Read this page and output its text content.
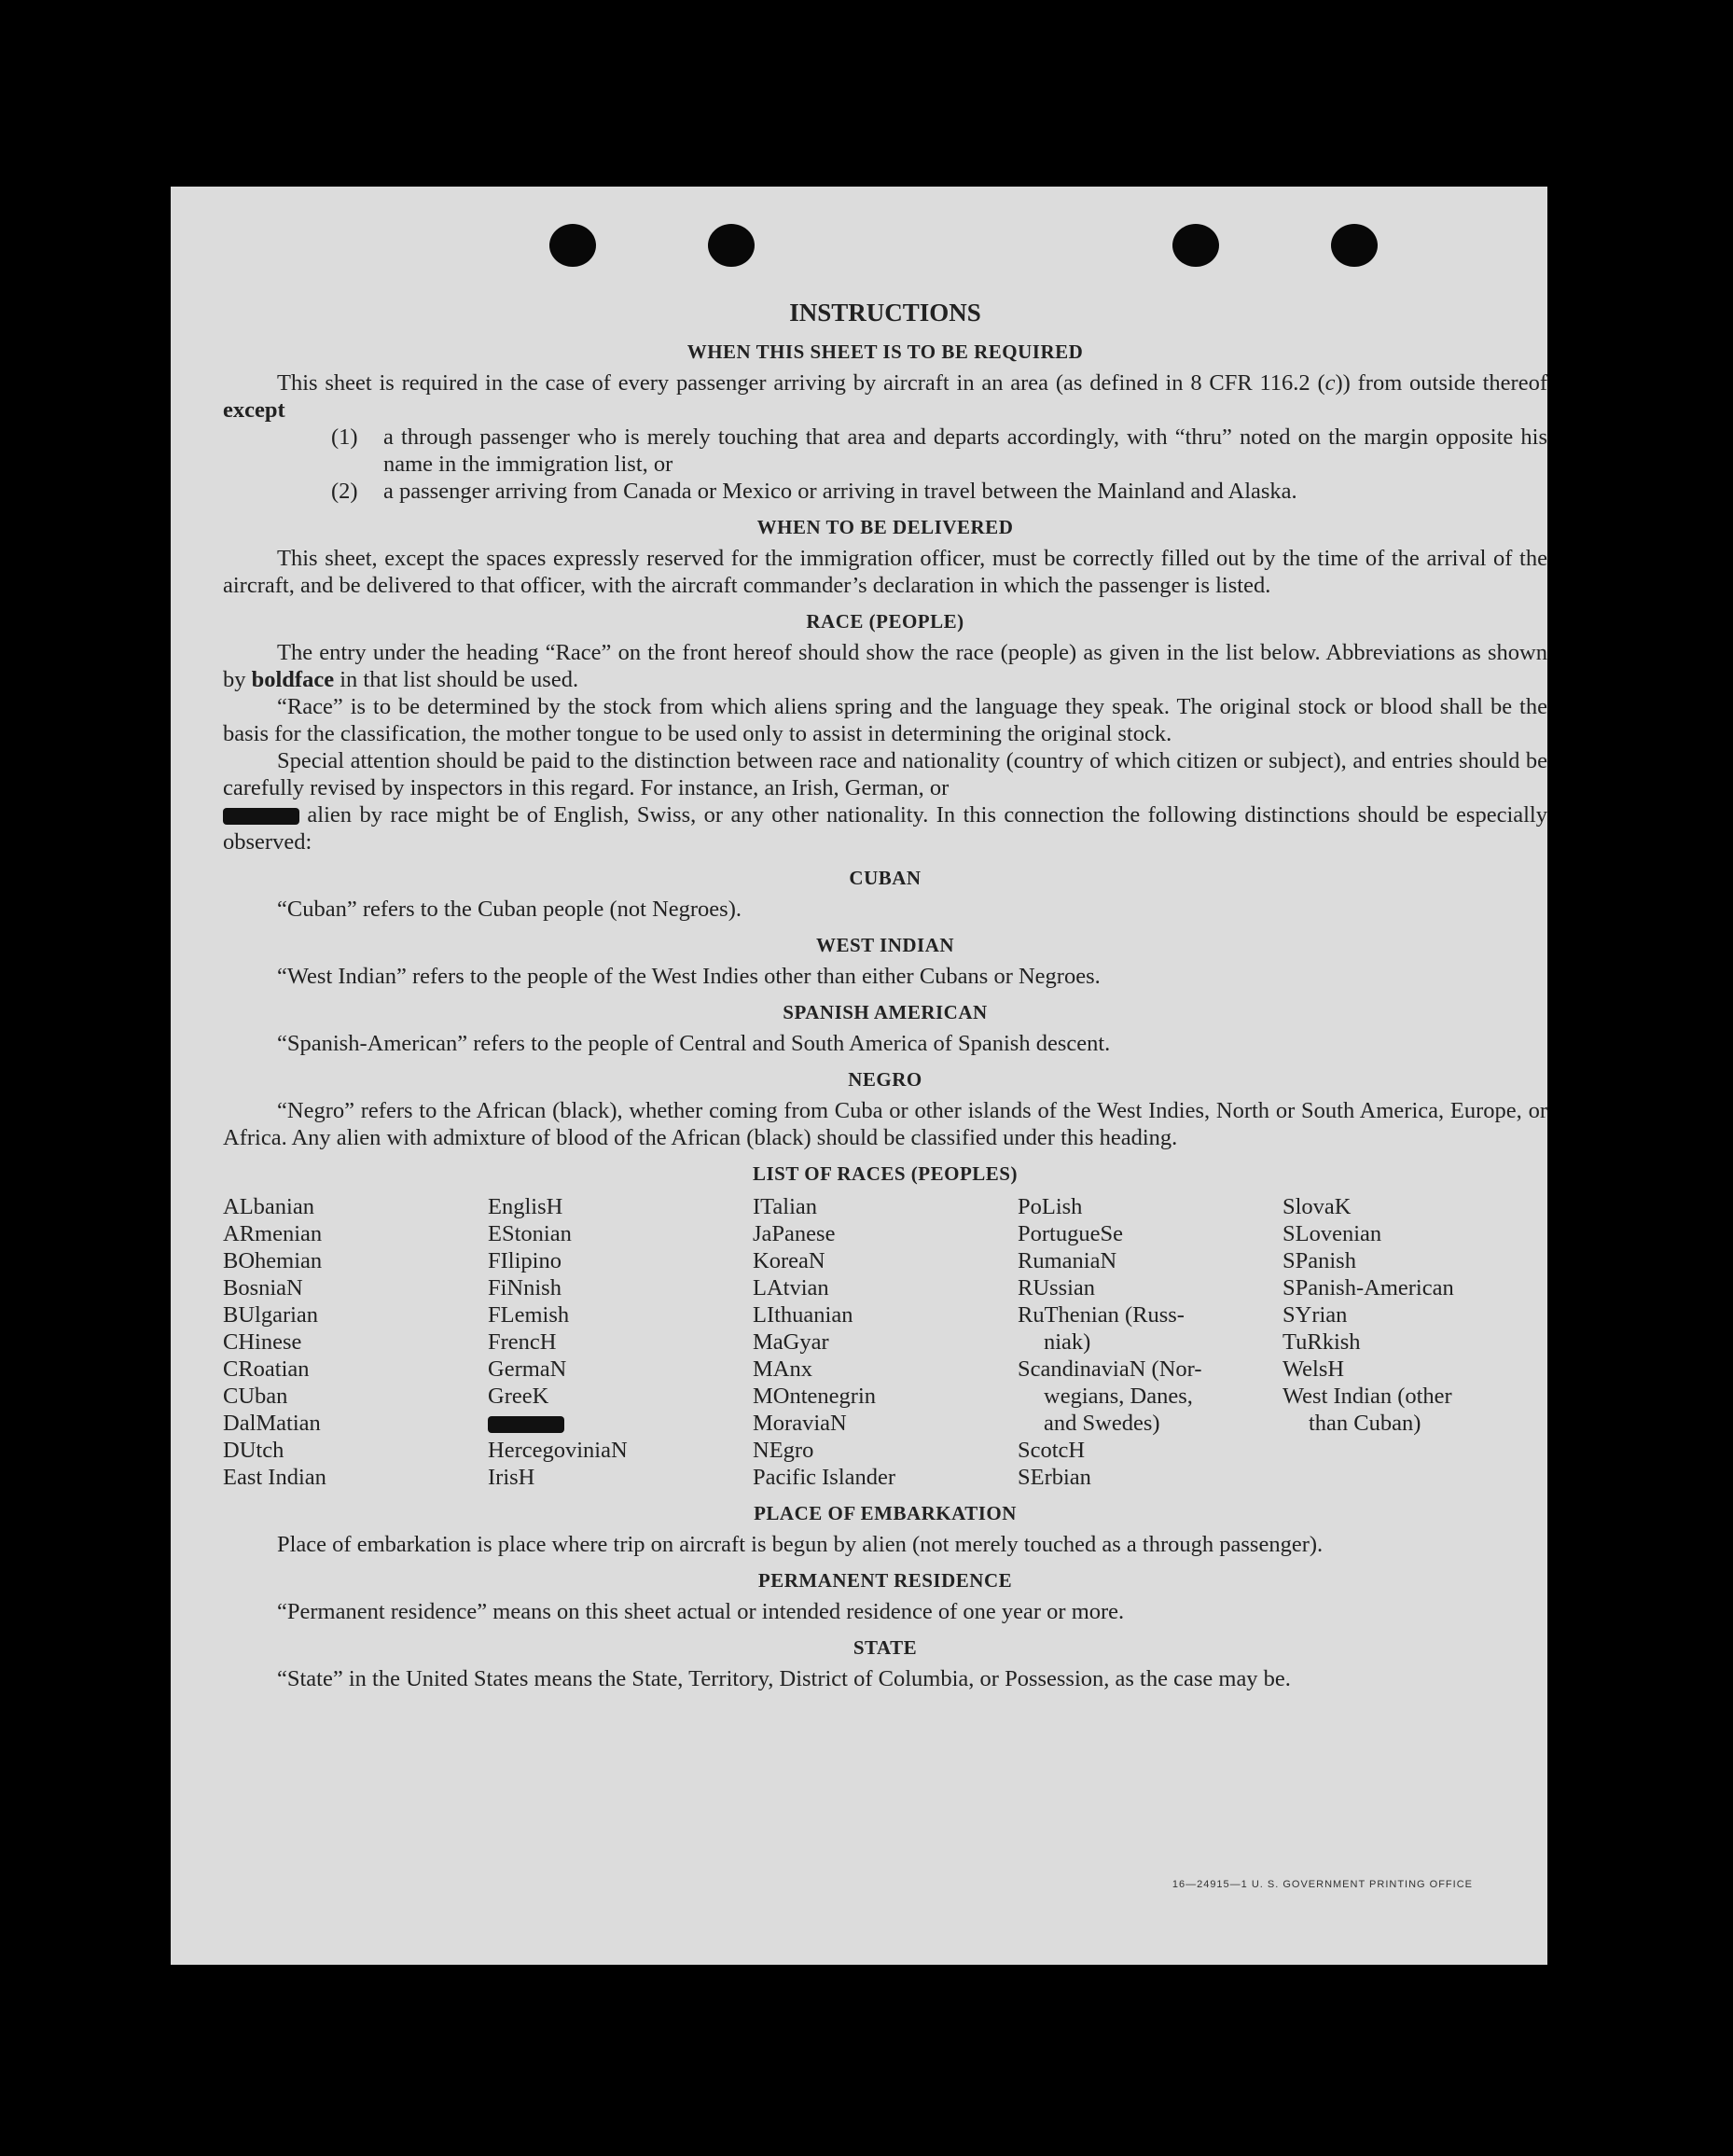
INSTRUCTIONS
WHEN THIS SHEET IS TO BE REQUIRED

This sheet is required in the case of every passenger arriving by aircraft in an area (as defined in 8 CFR 116.2 (c)) from outside thereof except

(1)	a through passenger who is merely touching that area and departs accordingly, with “thru” noted on the margin opposite his name in the immigration list, or
(2)	a passenger arriving from Canada or Mexico or arriving in travel between the Mainland and Alaska.
WHEN TO BE DELIVERED

This sheet, except the spaces expressly reserved for the immigration officer, must be correctly filled out by the time of the arrival of the aircraft, and be delivered to that officer, with the aircraft commander’s declaration in which the passenger is listed.

RACE (PEOPLE)

The entry under the heading “Race” on the front hereof should show the race (people) as given in the list below. Abbreviations as shown by boldface in that list should be used.

“Race” is to be determined by the stock from which aliens spring and the language they speak. The original stock or blood shall be the basis for the classification, the mother tongue to be used only to assist in determining the original stock.

Special attention should be paid to the distinction between race and nationality (country of which citizen or subject), and entries should be carefully revised by inspectors in this regard. For instance, an Irish, German, or
alien by race might be of English, Swiss, or any other nationality. In this connection the following distinctions should be especially observed:

CUBAN

“Cuban” refers to the Cuban people (not Negroes).

WEST INDIAN

“West Indian” refers to the people of the West Indies other than either Cubans or Negroes.

SPANISH AMERICAN

“Spanish-American” refers to the people of Central and South America of Spanish descent.

NEGRO

“Negro” refers to the African (black), whether coming from Cuba or other islands of the West Indies, North or South America, Europe, or Africa. Any alien with admixture of blood of the African (black) should be classified under this heading.

LIST OF RACES (PEOPLES)
ALbanian
ARmenian
BOhemian
BosniaN
BUlgarian
CHinese
CRoatian
CUban
DalMatian
DUtch
East Indian
EnglisH
EStonian
FIlipino
FiNnish
FLemish
FrencH
GermaN
GreeK
HercegoviniaN
IrisH
ITalian
JaPanese
KoreaN
LAtvian
LIthuanian
MaGyar
MAnx
MOntenegrin
MoraviaN
NEgro
Pacific Islander
PoLish
PortugueSe
RumaniaN
RUssian
RuThenian (Russ-
niak)
ScandinaviaN (Nor-
wegians, Danes,
and Swedes)
ScotcH
SErbian
SlovaK
SLovenian
SPanish
SPanish-American
SYrian
TuRkish
WelsH
West Indian (other
than Cuban)
PLACE OF EMBARKATION

Place of embarkation is place where trip on aircraft is begun by alien (not merely touched as a through passenger).

PERMANENT RESIDENCE

“Permanent residence” means on this sheet actual or intended residence of one year or more.

STATE

“State” in the United States means the State, Territory, District of Columbia, or Possession, as the case may be.

16—24915—1 U. S. GOVERNMENT PRINTING OFFICE
